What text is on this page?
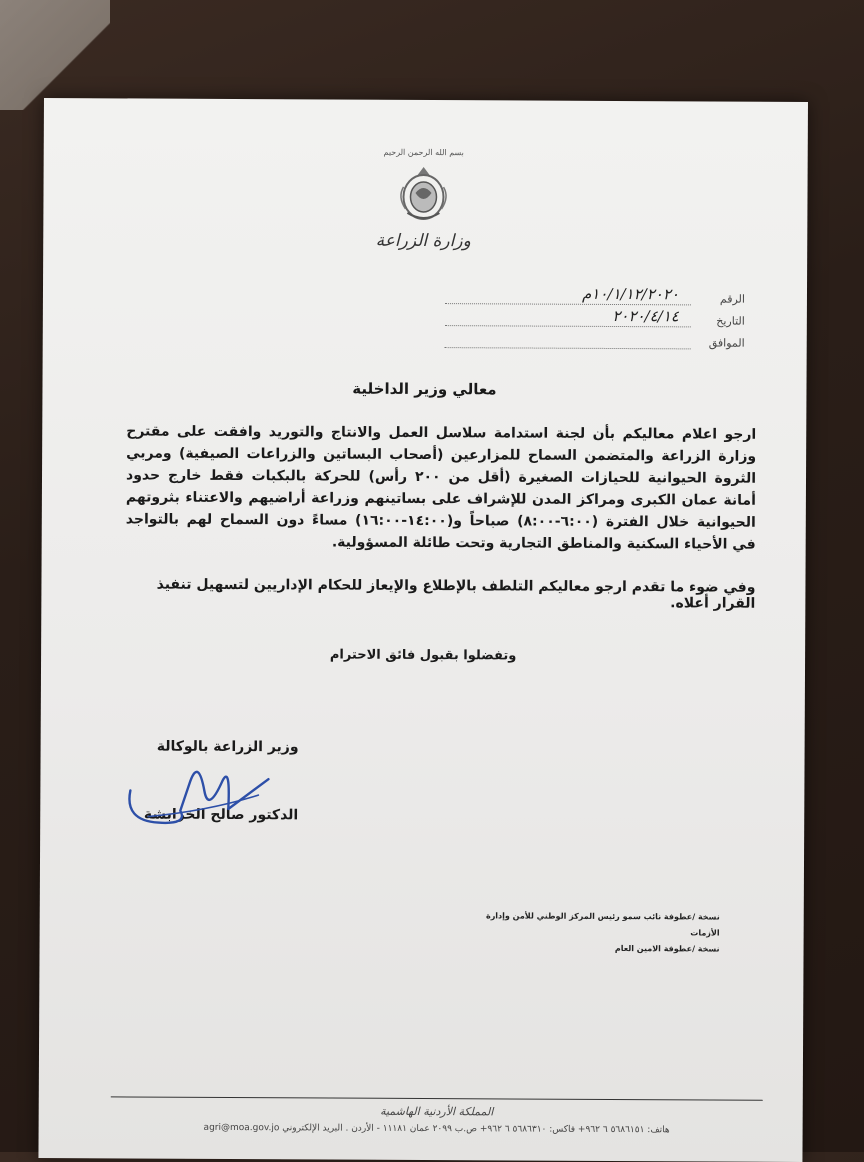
بسم الله الرحمن الرحيم
وزارة الزراعة
الرقم
١٠/١/١٢/٢٠٢٠م
التاريخ
٢٠٢٠/٤/١٤
الموافق
معالي وزير الداخلية
ارجو اعلام معاليكم بأن لجنة استدامة سلاسل العمل والانتاج والتوريد وافقت على مقترح وزارة الزراعة والمتضمن السماح للمزارعين (أصحاب البساتين والزراعات الصيفية) ومربي الثروة الحيوانية للحيازات الصغيرة (أقل من ٢٠٠ رأس) للحركة بالبكبات فقط خارج حدود أمانة عمان الكبرى ومراكز المدن للإشراف على بساتينهم وزراعة أراضيهم والاعتناء بثروتهم الحيوانية خلال الفترة (٦:٠٠-٨:٠٠) صباحاً و(١٤:٠٠-١٦:٠٠) مساءً دون السماح لهم بالتواجد في الأحياء السكنية والمناطق التجارية وتحت طائلة المسؤولية.
وفي ضوء ما تقدم ارجو معاليكم التلطف بالإطلاع والإيعاز للحكام الإداريين لتسهيل تنفيذ القرار أعلاه.
وتفضلوا بقبول فائق الاحترام
وزير الزراعة بالوكالة
الدكتور صالح الخرابشة
نسخة /عطوفة نائب سمو رئيس المركز الوطني للأمن وإدارة الأزمات
نسخة /عطوفة الامين العام
المملكة الأردنية الهاشمية
هاتف: ٥٦٨٦١٥١ ٦ ٩٦٢+ فاكس: ٥٦٨٦٣١٠ ٦ ٩٦٢+ ص.ب ٢٠٩٩ عمان ١١١٨١ - الأردن . البريد الإلكتروني agri@moa.gov.jo
